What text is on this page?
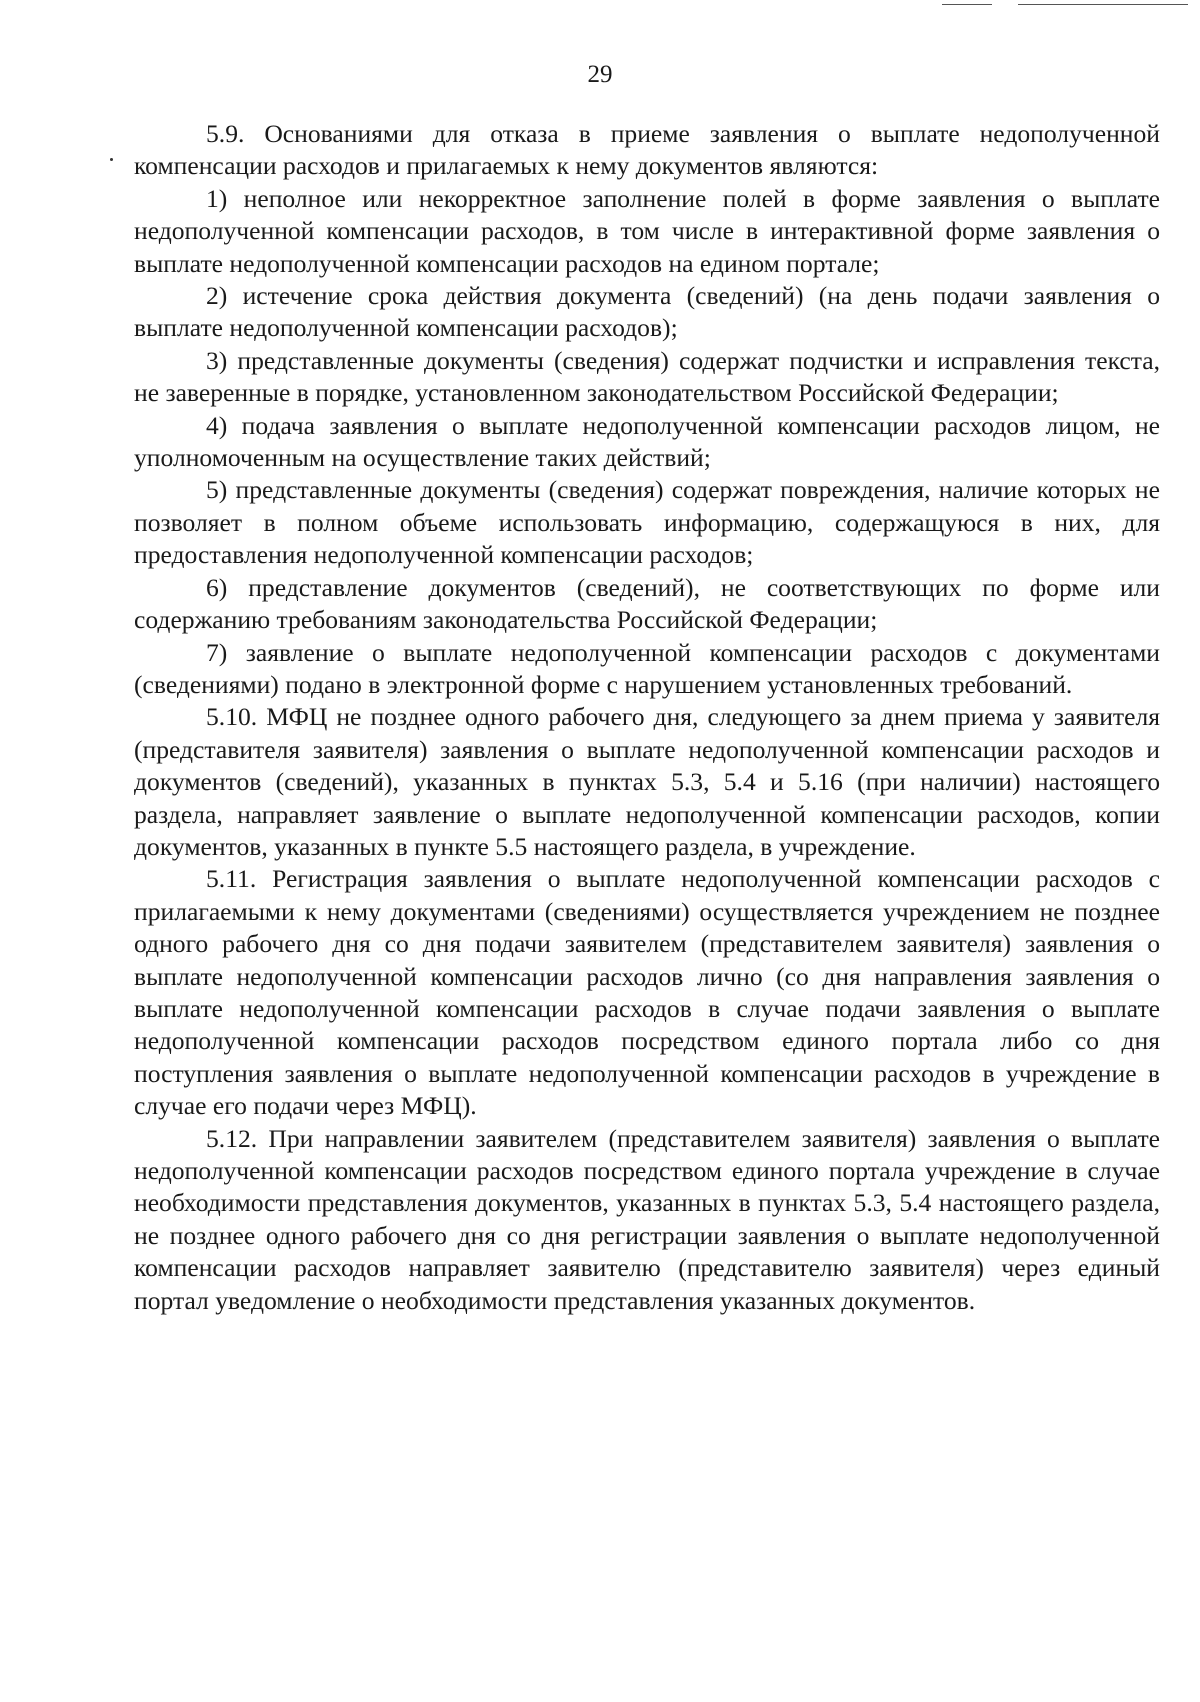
29

5.9. Основаниями для отказа в приеме заявления о выплате недополученной компенсации расходов и прилагаемых к нему документов являются:

1) неполное или некорректное заполнение полей в форме заявления о выплате недополученной компенсации расходов, в том числе в интерактивной форме заявления о выплате недополученной компенсации расходов на едином портале;

2) истечение срока действия документа (сведений) (на день подачи заявления о выплате недополученной компенсации расходов);

3) представленные документы (сведения) содержат подчистки и исправления текста, не заверенные в порядке, установленном законодательством Российской Федерации;

4) подача заявления о выплате недополученной компенсации расходов лицом, не уполномоченным на осуществление таких действий;

5) представленные документы (сведения) содержат повреждения, наличие которых не позволяет в полном объеме использовать информацию, содержащуюся в них, для предоставления недополученной компенсации расходов;

6) представление документов (сведений), не соответствующих по форме или содержанию требованиям законодательства Российской Федерации;

7) заявление о выплате недополученной компенсации расходов с документами (сведениями) подано в электронной форме с нарушением установленных требований.

5.10. МФЦ не позднее одного рабочего дня, следующего за днем приема у заявителя (представителя заявителя) заявления о выплате недополученной компенсации расходов и документов (сведений), указанных в пунктах 5.3, 5.4 и 5.16 (при наличии) настоящего раздела, направляет заявление о выплате недополученной компенсации расходов, копии документов, указанных в пункте 5.5 настоящего раздела, в учреждение.

5.11. Регистрация заявления о выплате недополученной компенсации расходов с прилагаемыми к нему документами (сведениями) осуществляется учреждением не позднее одного рабочего дня со дня подачи заявителем (представителем заявителя) заявления о выплате недополученной компенсации расходов лично (со дня направления заявления о выплате недополученной компенсации расходов в случае подачи заявления о выплате недополученной компенсации расходов посредством единого портала либо со дня поступления заявления о выплате недополученной компенсации расходов в учреждение в случае его подачи через МФЦ).

5.12. При направлении заявителем (представителем заявителя) заявления о выплате недополученной компенсации расходов посредством единого портала учреждение в случае необходимости представления документов, указанных в пунктах 5.3, 5.4 настоящего раздела, не позднее одного рабочего дня со дня регистрации заявления о выплате недополученной компенсации расходов направляет заявителю (представителю заявителя) через единый портал уведомление о необходимости представления указанных документов.
